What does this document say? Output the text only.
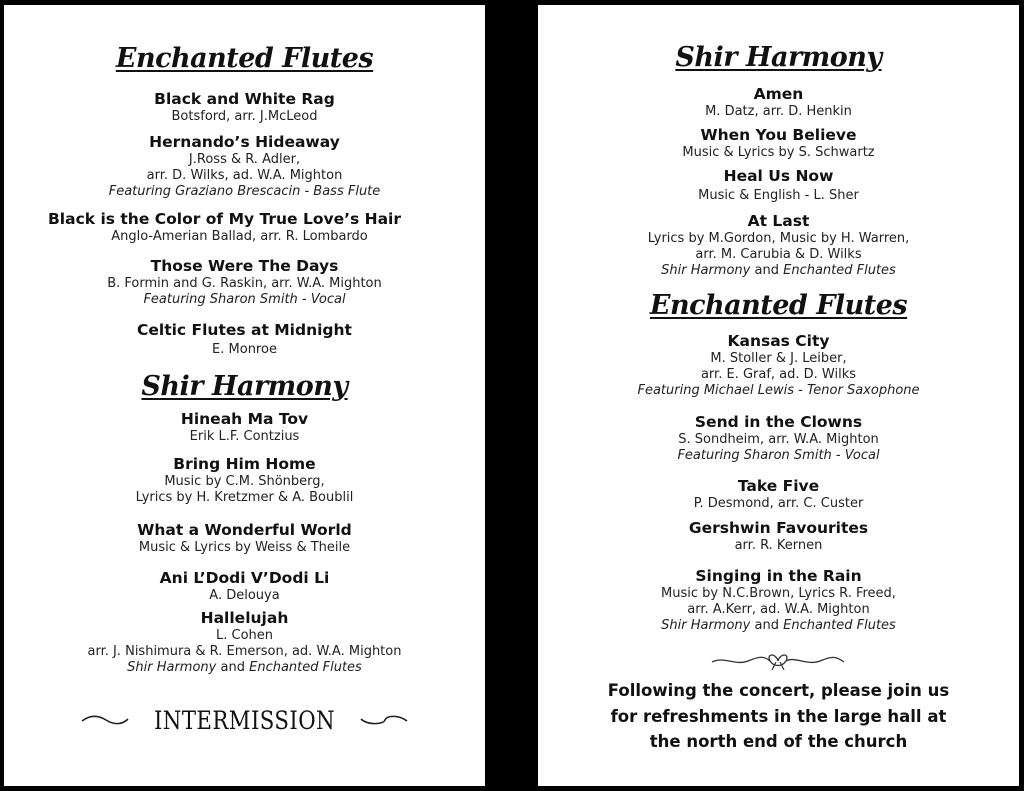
Enchanted Flutes
Black and White Rag
Botsford, arr. J.McLeod
Hernando’s Hideaway
J.Ross & R. Adler,
arr. D. Wilks, ad. W.A. Mighton
Featuring Graziano Brescacin - Bass Flute
Black is the Color of My True Love’s Hair
Anglo-Amerian Ballad, arr. R. Lombardo
Those Were The Days
B. Formin and G. Raskin, arr. W.A. Mighton
Featuring Sharon Smith - Vocal
Celtic Flutes at Midnight
E. Monroe
Shir Harmony
Hineah Ma Tov
Erik L.F. Contzius
Bring Him Home
Music by C.M. Shönberg,
Lyrics by H. Kretzmer & A. Boublil
What a Wonderful World
Music & Lyrics by Weiss & Theile
Ani L’Dodi V’Dodi Li
A. Delouya
Hallelujah
L. Cohen
arr. J. Nishimura & R. Emerson, ad. W.A. Mighton
Shir Harmony and Enchanted Flutes
INTERMISSION
Shir Harmony
Amen
M. Datz, arr. D. Henkin
When You Believe
Music & Lyrics by S. Schwartz
Heal Us Now
Music & English - L. Sher
At Last
Lyrics by M.Gordon, Music by H. Warren,
arr. M. Carubia & D. Wilks
Shir Harmony and Enchanted Flutes
Enchanted Flutes
Kansas City
M. Stoller & J. Leiber,
arr. E. Graf, ad. D. Wilks
Featuring Michael Lewis - Tenor Saxophone
Send in the Clowns
S. Sondheim, arr. W.A. Mighton
Featuring Sharon Smith - Vocal
Take Five
P. Desmond, arr. C. Custer
Gershwin Favourites
arr. R. Kernen
Singing in the Rain
Music by N.C.Brown, Lyrics R. Freed,
arr. A.Kerr, ad. W.A. Mighton
Shir Harmony and Enchanted Flutes
Following the concert, please join us
for refreshments in the large hall at
the north end of the church
